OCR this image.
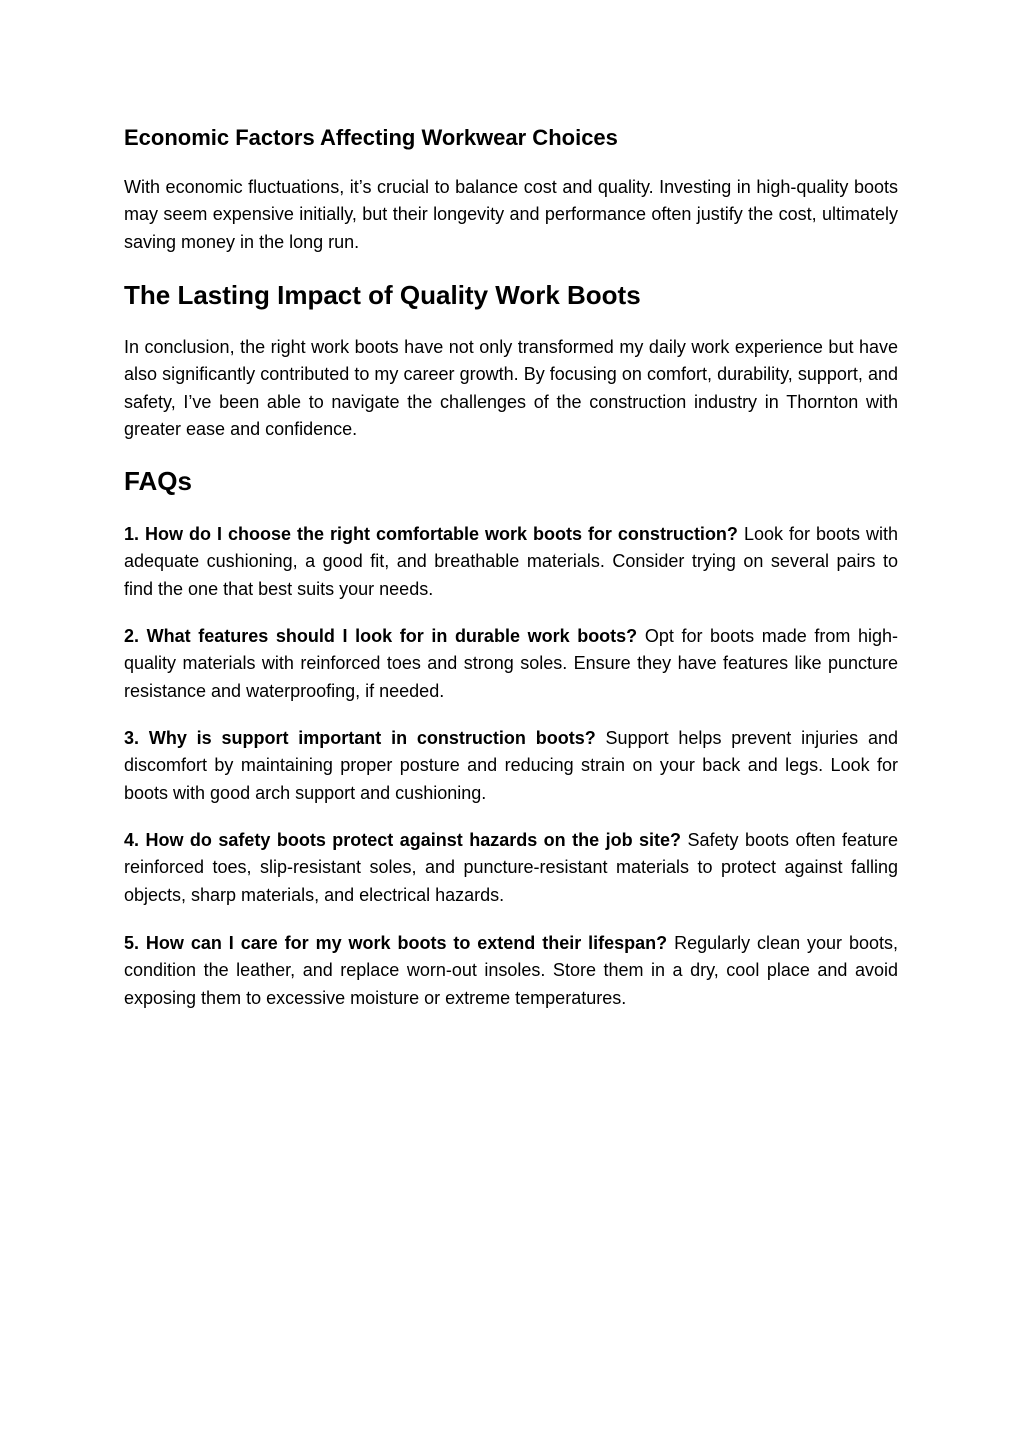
Economic Factors Affecting Workwear Choices

With economic fluctuations, it’s crucial to balance cost and quality. Investing in high-quality boots may seem expensive initially, but their longevity and performance often justify the cost, ultimately saving money in the long run.

The Lasting Impact of Quality Work Boots

In conclusion, the right work boots have not only transformed my daily work experience but have also significantly contributed to my career growth. By focusing on comfort, durability, support, and safety, I’ve been able to navigate the challenges of the construction industry in Thornton with greater ease and confidence.

FAQs

1. How do I choose the right comfortable work boots for construction? Look for boots with adequate cushioning, a good fit, and breathable materials. Consider trying on several pairs to find the one that best suits your needs.

2. What features should I look for in durable work boots? Opt for boots made from high-quality materials with reinforced toes and strong soles. Ensure they have features like puncture resistance and waterproofing, if needed.

3. Why is support important in construction boots? Support helps prevent injuries and discomfort by maintaining proper posture and reducing strain on your back and legs. Look for boots with good arch support and cushioning.

4. How do safety boots protect against hazards on the job site? Safety boots often feature reinforced toes, slip-resistant soles, and puncture-resistant materials to protect against falling objects, sharp materials, and electrical hazards.

5. How can I care for my work boots to extend their lifespan? Regularly clean your boots, condition the leather, and replace worn-out insoles. Store them in a dry, cool place and avoid exposing them to excessive moisture or extreme temperatures.
